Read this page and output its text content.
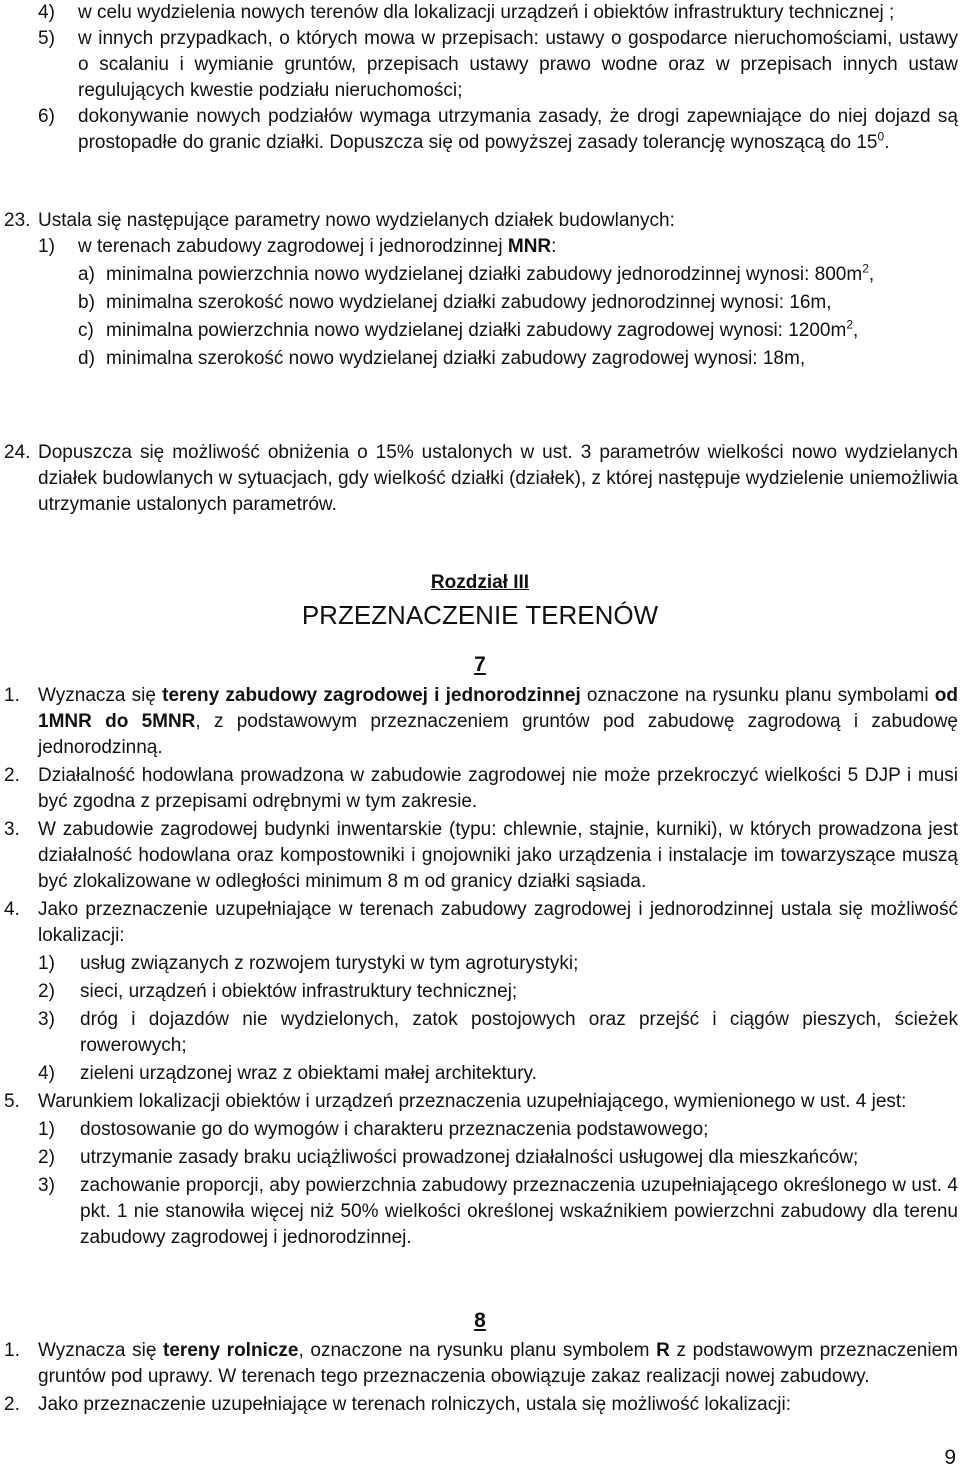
4)	w celu wydzielenia nowych terenów dla lokalizacji urządzeń i obiektów infrastruktury technicznej ;
5)	w innych przypadkach, o których mowa w przepisach: ustawy o gospodarce nieruchomościami, ustawy o scalaniu i wymianie gruntów, przepisach ustawy prawo wodne oraz w przepisach innych ustaw regulujących kwestie podziału nieruchomości;
6)	dokonywanie nowych podziałów wymaga utrzymania zasady, że drogi zapewniające do niej dojazd są prostopadłe do granic działki. Dopuszcza się od powyższej zasady tolerancję wynoszącą do $15^0$.
23. Ustala się następujące parametry nowo wydzielanych działek budowlanych:
1)	w terenach zabudowy zagrodowej i jednorodzinnej MNR:
a) minimalna powierzchnia nowo wydzielanej działki zabudowy jednorodzinnej wynosi: $800m^2$,
b) minimalna szerokość nowo wydzielanej działki zabudowy jednorodzinnej wynosi: 16m,
c) minimalna powierzchnia nowo wydzielanej działki zabudowy zagrodowej wynosi: $1200m^2$,
d) minimalna szerokość nowo wydzielanej działki zabudowy zagrodowej wynosi: 18m,
24. Dopuszcza się możliwość obniżenia o 15% ustalonych w ust. 3 parametrów wielkości nowo wydzielanych działek budowlanych w sytuacjach, gdy wielkość działki (działek), z której następuje wydzielenie uniemożliwia utrzymanie ustalonych parametrów.
Rozdział III
PRZEZNACZENIE TERENÓW
7
1. Wyznacza się tereny zabudowy zagrodowej i jednorodzinnej oznaczone na rysunku planu symbolami od 1MNR do 5MNR, z podstawowym przeznaczeniem gruntów pod zabudowę zagrodową i zabudowę jednorodzinną.
2. Działalność hodowlana prowadzona w zabudowie zagrodowej nie może przekroczyć wielkości 5 DJP i musi być zgodna z przepisami odrębnymi w tym zakresie.
3. W zabudowie zagrodowej budynki inwentarskie (typu: chlewnie, stajnie, kurniki), w których prowadzona jest działalność hodowlana oraz kompostowniki i gnojowniki jako urządzenia i instalacje im towarzyszące muszą być zlokalizowane w odległości minimum 8 m od granicy działki sąsiada.
4. Jako przeznaczenie uzupełniające w terenach zabudowy zagrodowej i jednorodzinnej ustala się możliwość lokalizacji:
1)	usług związanych z rozwojem turystyki w tym agroturystyki;
2)	sieci, urządzeń i obiektów infrastruktury technicznej;
3)	dróg i dojazdów nie wydzielonych, zatok postojowych oraz przejść i ciągów pieszych, ścieżek rowerowych;
4)	zieleni urządzonej wraz z obiektami małej architektury.
5. Warunkiem lokalizacji obiektów i urządzeń przeznaczenia uzupełniającego, wymienionego w ust. 4 jest:
1)	dostosowanie go do wymogów i charakteru przeznaczenia podstawowego;
2)	utrzymanie zasady braku uciążliwości prowadzonej działalności usługowej dla mieszkańców;
3)	zachowanie proporcji, aby powierzchnia zabudowy przeznaczenia uzupełniającego określonego w ust. 4 pkt. 1 nie stanowiła więcej niż 50% wielkości określonej wskaźnikiem powierzchni zabudowy dla terenu zabudowy zagrodowej i jednorodzinnej.
8
1. Wyznacza się tereny rolnicze, oznaczone na rysunku planu symbolem R z podstawowym przeznaczeniem gruntów pod uprawy. W terenach tego przeznaczenia obowiązuje zakaz realizacji nowej zabudowy.
2. Jako przeznaczenie uzupełniające w terenach rolniczych, ustala się możliwość lokalizacji:
9
